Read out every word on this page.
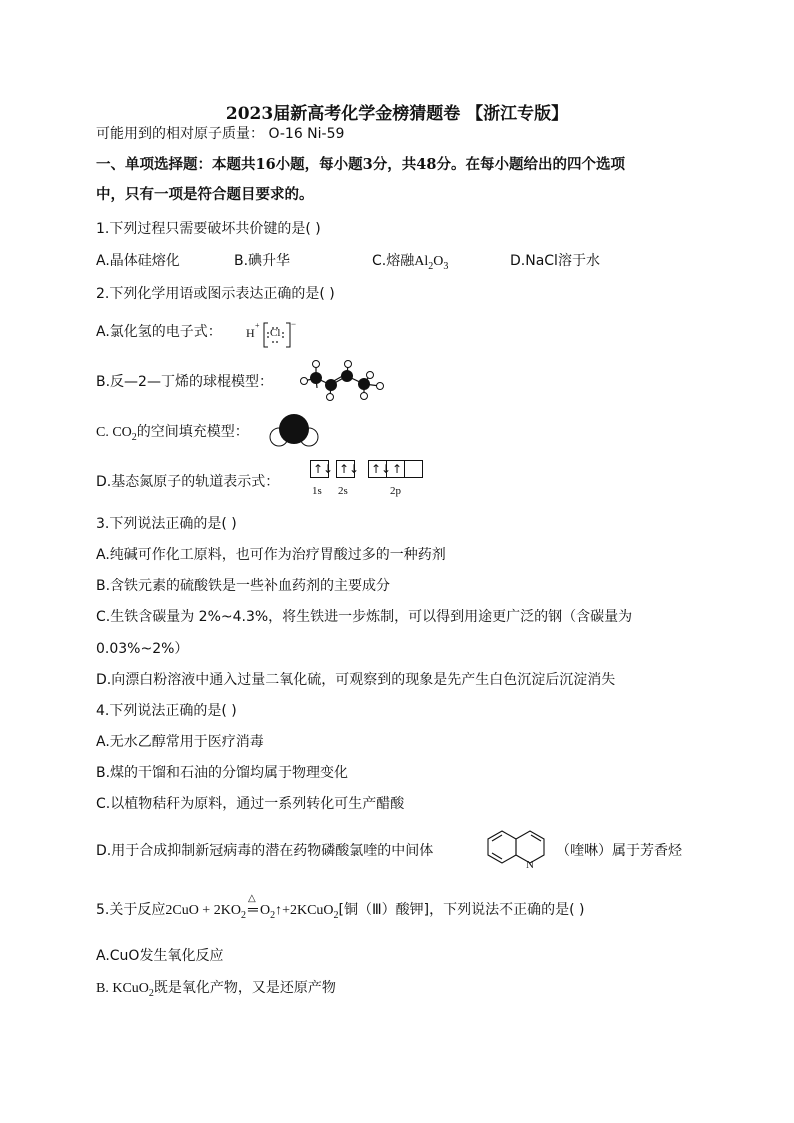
2023届新高考化学金榜猜题卷 【浙江专版】
可能用到的相对原子质量： O-16 Ni-59
一、单项选择题：本题共16小题，每小题3分，共48分。在每小题给出的四个选项
中，只有一项是符合题目要求的。
1.下列过程只需要破坏共价键的是( )
A.晶体硅熔化	B.碘升华	C.熔融$Al_2O_3$	D.NaCl溶于水
2.下列化学用语或图示表达正确的是( )
A.氯化氢的电子式： H
+
Cl
−
B.反—2—丁烯的球棍模型：
C. $CO_2$的空间填充模型：
D.基态氮原子的轨道表示式：
↑↓ ↑↓ ↑↓ ↑
1s 2s	2p
3.下列说法正确的是( )
A.纯碱可作化工原料，也可作为治疗胃酸过多的一种药剂
B.含铁元素的硫酸铁是一些补血药剂的主要成分
C.生铁含碳量为 2%~4.3%，将生铁进一步炼制，可以得到用途更广泛的钢（含碳量为
0.03%~2%）
D.向漂白粉溶液中通入过量二氧化硫，可观察到的现象是先产生白色沉淀后沉淀消失
4.下列说法正确的是( )
A.无水乙醇常用于医疗消毒
B.煤的干馏和石油的分馏均属于物理变化
C.以植物秸秆为原料，通过一系列转化可生产醋酸
D.用于合成抑制新冠病毒的潜在药物磷酸氯喹的中间体
N
（喹啉）属于芳香烃
5.关于反应$2CuO + 2KO_2$
△
═ $O_2↑+2KCuO_2$[铜（Ⅲ）酸钾]，下列说法不正确的是( )
A.CuO发生氧化反应
B. KCuO$_2$既是氧化产物，又是还原产物
